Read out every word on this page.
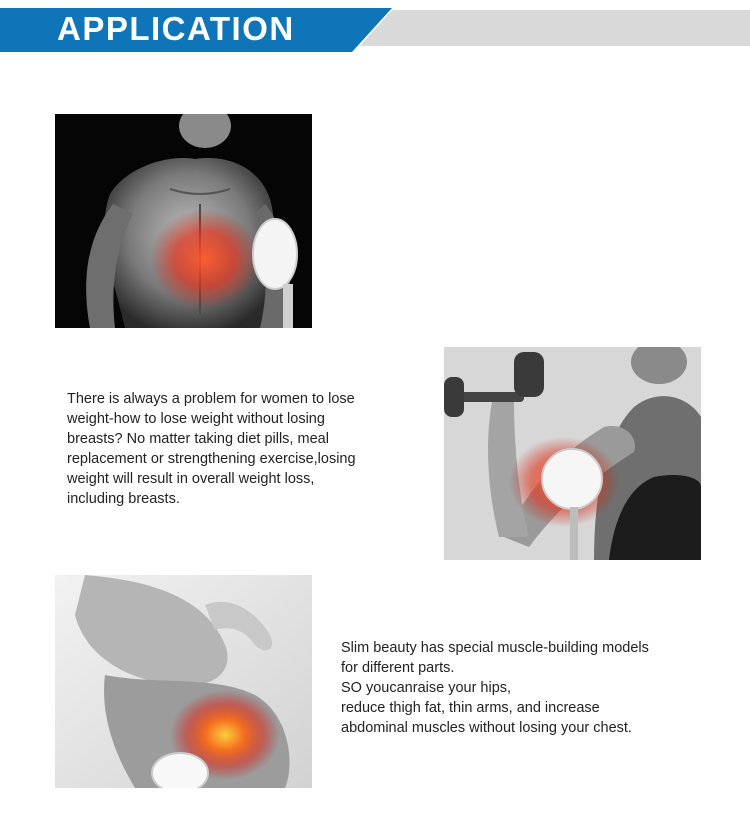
APPLICATION

There is always a problem for women to lose

weight-how to lose weight without losing

breasts? No matter taking diet pills, meal

replacement or strengthening exercise,losing

weight will result in overall weight loss,

including breasts.

Slim beauty has special muscle-building models

for different parts.

SO youcanraise your hips,

reduce thigh fat, thin arms, and increase

abdominal muscles without losing your chest.
